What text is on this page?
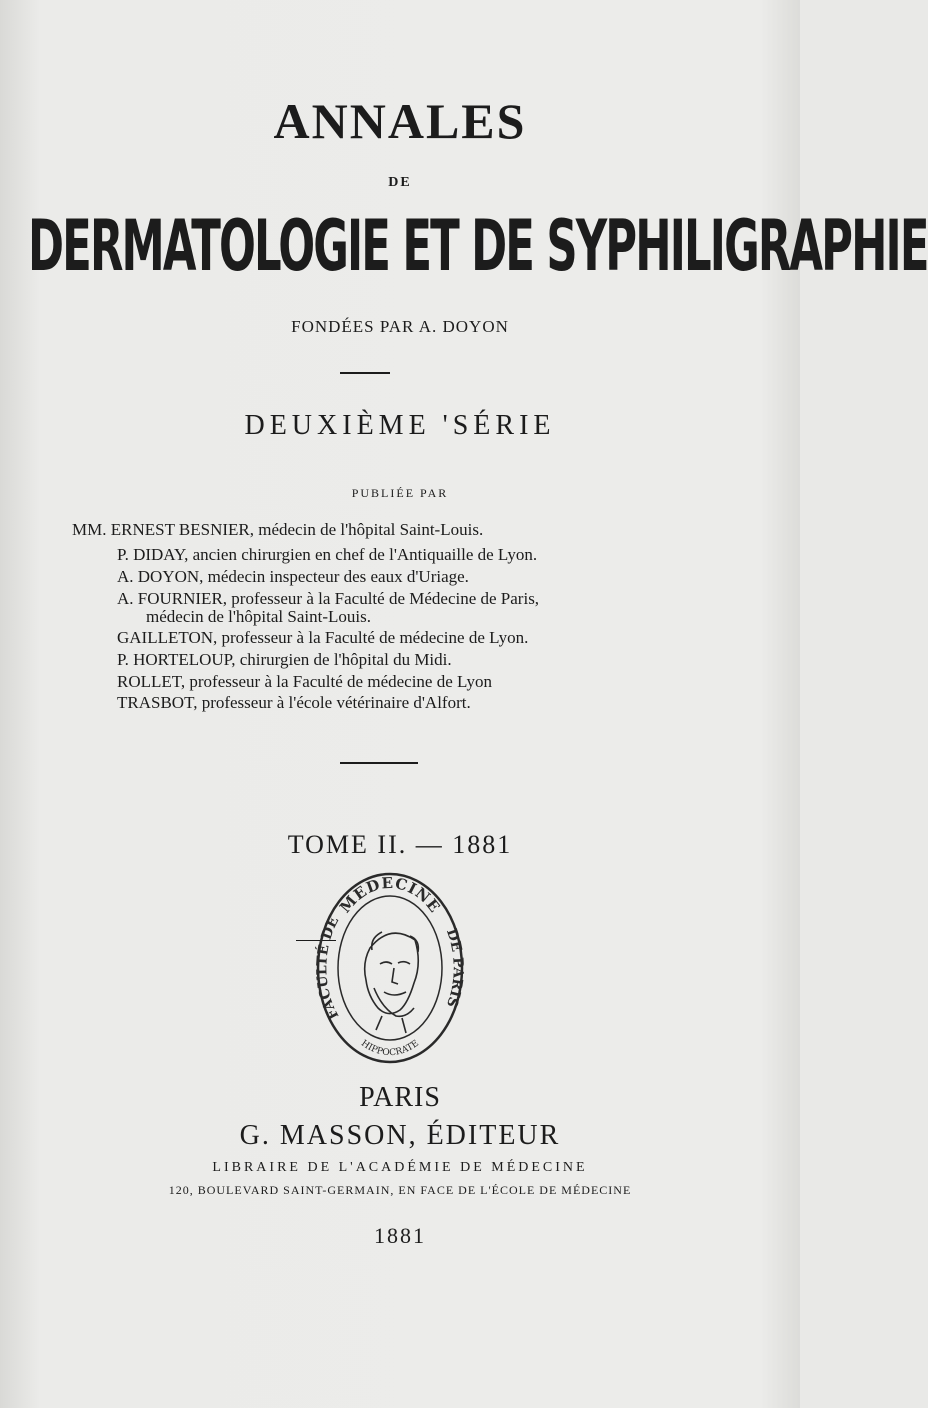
ANNALES
DE
DERMATOLOGIE ET DE SYPHILIGRAPHIE
FONDÉES PAR A. DOYON
DEUXIÈME 'SÉRIE
PUBLIÉE PAR
MM. ERNEST BESNIER, médecin de l'hôpital Saint-Louis.
P. DIDAY, ancien chirurgien en chef de l'Antiquaille de Lyon.
A. DOYON, médecin inspecteur des eaux d'Uriage.
A. FOURNIER, professeur à la Faculté de Médecine de Paris,
médecin de l'hôpital Saint-Louis.
GAILLETON, professeur à la Faculté de médecine de Lyon.
P. HORTELOUP, chirurgien de l'hôpital du Midi.
ROLLET, professeur à la Faculté de médecine de Lyon
TRASBOT, professeur à l'école vétérinaire d'Alfort.
TOME II. — 1881
MEDECINE
FACULTÉ DE
DE PARIS
HIPPOCRATE
PARIS
G. MASSON, ÉDITEUR
LIBRAIRE DE L'ACADÉMIE DE MÉDECINE
120, BOULEVARD SAINT-GERMAIN, EN FACE DE L'ÉCOLE DE MÉDECINE
1881
